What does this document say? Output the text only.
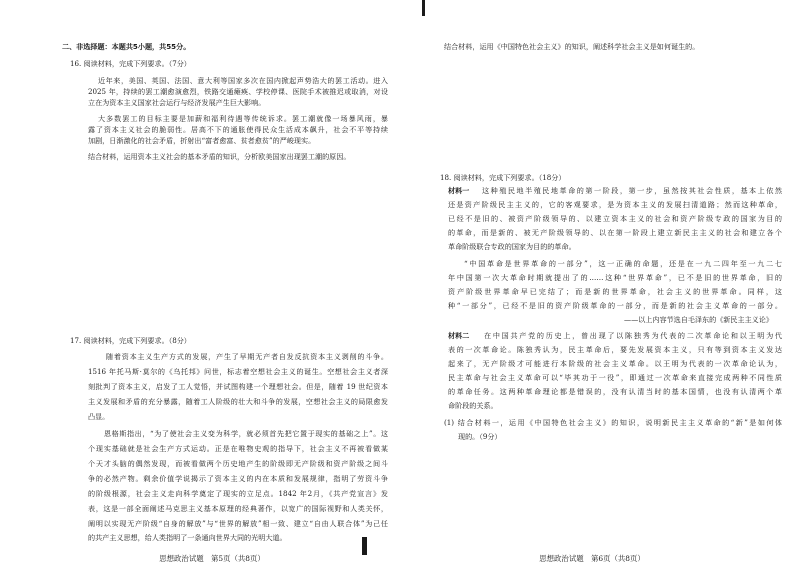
二、非选择题：本题共5小题，共55分。
16. 阅读材料，完成下列要求。（7分）
近年来，美国、英国、法国、意大利等国家多次在国内掀起声势浩大的罢工活动。进入
2025 年，持续的罢工潮愈演愈烈，铁路交通瘫痪、学校停课、医院手术被推迟或取消，对设
立在为资本主义国家社会运行与经济发展产生巨大影响。
大多数罢工的目标主要是加薪和福利待遇等传统诉求。罢工潮就像一场暴风雨，暴
露了资本主义社会的脆弱性。居高不下的通胀使得民众生活成本飙升，社会不平等持续
加剧，日渐激化的社会矛盾，折射出“富者愈富、贫者愈贫”的严峻现实。
结合材料，运用资本主义社会的基本矛盾的知识，分析欧美国家出现罢工潮的原因。
17. 阅读材料，完成下列要求。（8分）
随着资本主义生产方式的发展，产生了早期无产者自发反抗资本主义剥削的斗争。
1516 年托马斯·莫尔的《乌托邦》问世，标志着空想社会主义的诞生。空想社会主义者深
刻批判了资本主义，启发了工人觉悟，并试图构建一个理想社会。但是，随着 19 世纪资本
主义发展和矛盾的充分暴露，随着工人阶级的壮大和斗争的发展，空想社会主义的局限愈发
凸显。
恩格斯指出，“为了使社会主义变为科学，就必须首先把它置于现实的基础之上”。这
个现实基础就是社会生产方式运动。正是在唯物史观的指导下，社会主义不再被看做某
个天才头脑的偶然发现，而被看做两个历史地产生的阶级即无产阶级和资产阶级之间斗
争的必然产物。剩余价值学说揭示了资本主义的内在本质和发展规律，指明了劳资斗争
的阶级根源，社会主义走向科学奠定了现实的立足点。1842 年2月，《共产党宣言》发
表，这是一部全面阐述马克思主义基本原理的经典著作，以宽广的国际视野和人类关怀，
阐明以实现无产阶级“自身的解放”与“世界的解放”相一致、建立“自由人联合体”为己任
的共产主义思想，给人类指明了一条通向世界大同的光明大道。
思想政治试题　第5页（共8页）
结合材料，运用《中国特色社会主义》的知识，阐述科学社会主义是如何诞生的。
18. 阅读材料，完成下列要求。（18分）
材料一 这种殖民地半殖民地革命的第一阶段，第一步，虽然按其社会性质，基本上依然
还是资产阶级民主主义的，它的客观要求，是为资本主义的发展扫清道路；然而这种革命，
已经不是旧的、被资产阶级领导的、以建立资本主义的社会和资产阶级专政的国家为目的
的革命，而是新的、被无产阶级领导的、以在第一阶段上建立新民主主义的社会和建立各个
革命阶级联合专政的国家为目的的革命。
“中国革命是世界革命的一部分”，这一正确的命题，还是在一九二四年至一九二七
年中国第一次大革命时期就提出了的……这种“世界革命”，已不是旧的世界革命，旧的
资产阶级世界革命早已完结了；而是新的世界革命，社会主义的世界革命。同样，这
种“一部分”，已经不是旧的资产阶级革命的一部分，而是新的社会主义革命的一部分。
——以上内容节选自毛泽东的《新民主主义论》
材料二 在中国共产党的历史上，曾出现了以陈独秀为代表的二次革命论和以王明为代
表的一次革命论。陈独秀认为，民主革命后，要先发展资本主义，只有等到资本主义发达
起来了，无产阶级才可能进行本阶级的社会主义革命。以王明为代表的一次革命论认为，
民主革命与社会主义革命可以“毕其功于一役”，即通过一次革命来直接完成两种不同性质
的革命任务。这两种革命理论都是错误的，没有认清当时的基本国情，也没有认清两个革
命阶段的关系。
(1) 结合材料一，运用《中国特色社会主义》的知识，说明新民主主义革命的“新”是如何体
现的。（9分）
思想政治试题　第6页（共8页）
